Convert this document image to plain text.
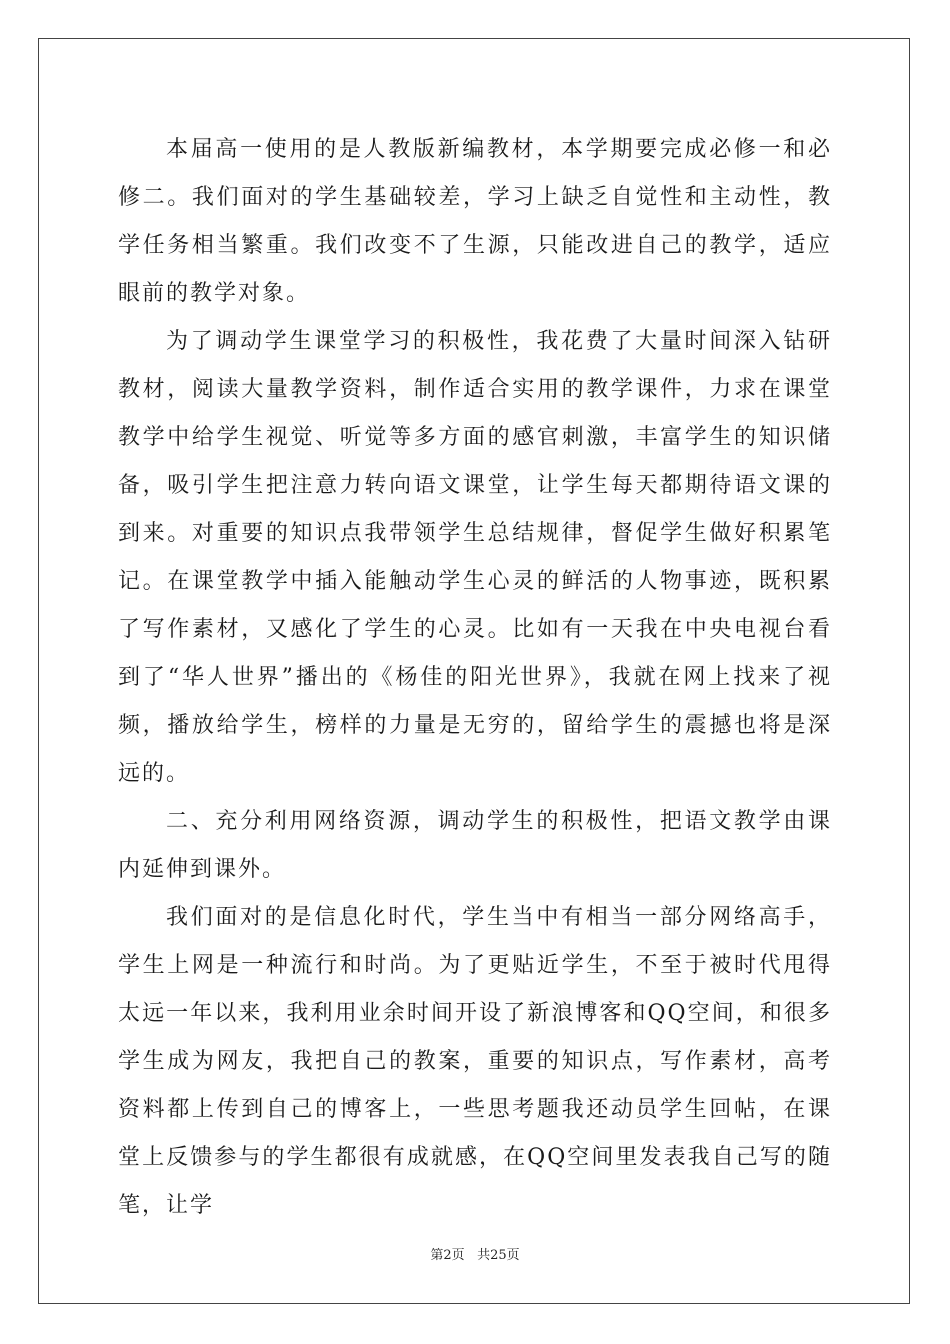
本届高一使用的是人教版新编教材，本学期要完成必修一和必修二。我们面对的学生基础较差，学习上缺乏自觉性和主动性，教学任务相当繁重。我们改变不了生源，只能改进自己的教学，适应眼前的教学对象。

为了调动学生课堂学习的积极性，我花费了大量时间深入钻研教材，阅读大量教学资料，制作适合实用的教学课件，力求在课堂教学中给学生视觉、听觉等多方面的感官刺激，丰富学生的知识储备，吸引学生把注意力转向语文课堂，让学生每天都期待语文课的到来。对重要的知识点我带领学生总结规律，督促学生做好积累笔记。在课堂教学中插入能触动学生心灵的鲜活的人物事迹，既积累了写作素材，又感化了学生的心灵。比如有一天我在中央电视台看到了“华人世界”播出的《杨佳的阳光世界》，我就在网上找来了视频，播放给学生，榜样的力量是无穷的，留给学生的震撼也将是深远的。

二、充分利用网络资源，调动学生的积极性，把语文教学由课内延伸到课外。

我们面对的是信息化时代，学生当中有相当一部分网络高手，学生上网是一种流行和时尚。为了更贴近学生，不至于被时代甩得太远一年以来，我利用业余时间开设了新浪博客和QQ空间，和很多学生成为网友，我把自己的教案，重要的知识点，写作素材，高考资料都上传到自己的博客上，一些思考题我还动员学生回帖，在课堂上反馈参与的学生都很有成就感，在QQ空间里发表我自己写的随笔，让学

第2页 共25页
